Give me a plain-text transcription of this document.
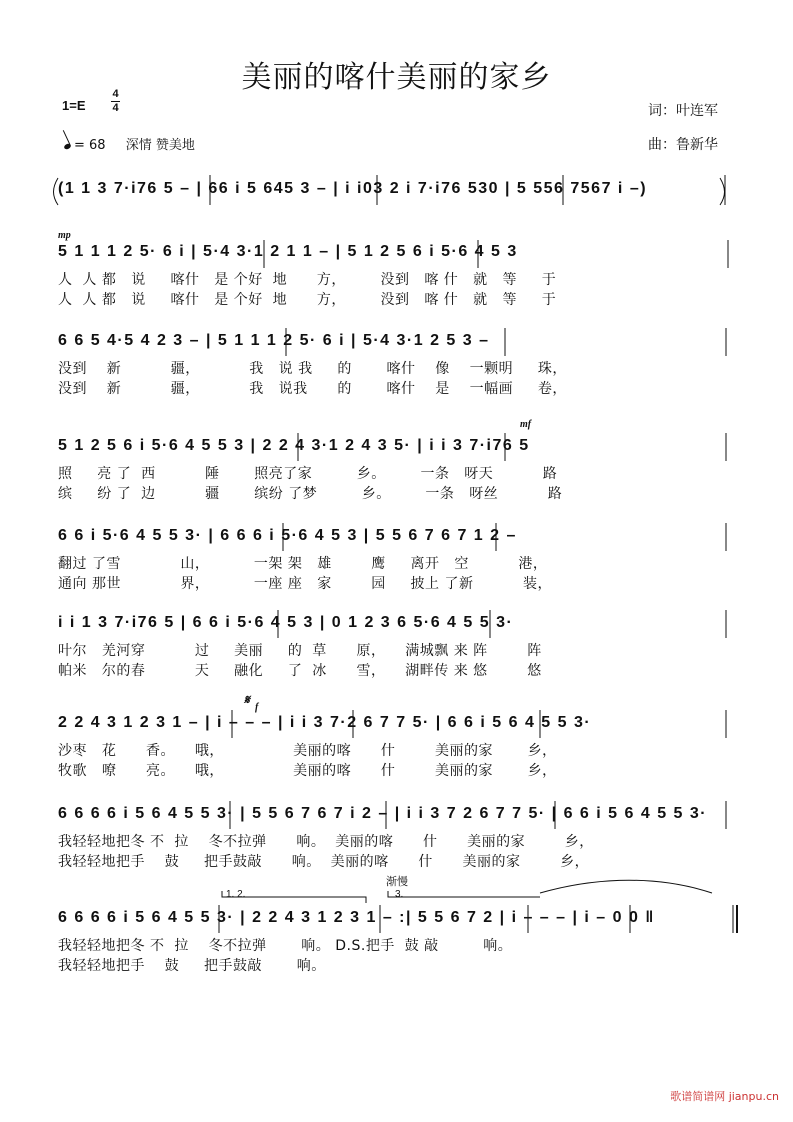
美丽的喀什美丽的家乡
1=E
4
4
= 68 深情 赞美地
词：叶连军
曲：鲁新华
(1 1 3 7·i76 5 – | 66 i 5 645 3 – | i i03 2 i 7·i76 530 | 5 556 7567 i –)
mp
5 1 1 1 2 5· 6 i | 5·4 3·1 2 1 1 – | 5 1 2 5 6 i 5·6 4 5 3
人  人 都   说     喀什   是 个好  地      方，       没到   喀 什   就   等     于
人  人 都   说     喀什   是 个好  地      方，       没到   喀 什   就   等     于
6 6 5 4·5 4 2 3 – | 5 1 1 1 2 5· 6 i | 5·4 3·1 2 5 3 –
没到    新          疆，          我   说 我     的       喀什    像    一颗明     珠，
没到    新          疆，          我   说我      的       喀什    是    一幅画     卷，
mf
5 1 2 5 6 i 5·6 4 5 5 3 | 2 2 4 3·1 2 4 3 5· | i i 3 7·i76 5
照     亮 了  西          陲       照亮了家         乡。       一条   呀天          路
缤     纷 了  边          疆       缤纷 了梦         乡。       一条   呀丝          路
6 6 i 5·6 4 5 5 3· | 6 6 6 i 5·6 4 5 3 | 5 5 6 7 6 7 1 2 –
翻过 了雪            山，         一架 架   雄        鹰     离开   空          港，
通向 那世            界，         一座 座   家        园     披上 了新          装，
i i 1 3 7·i76 5 | 6 6 i 5·6 4 5 3 | 0 1 2 3 6 5·6 4 5 5 3·
叶尔   羌河穿          过     美丽     的  草      原，    满城飘 来 阵        阵
帕米   尔的春          天     融化     了  冰      雪，    湖畔传 来 悠        悠
𝄋
f
2 2 4 3 1 2 3 1 – | i – – – | i i 3 7·2 6 7 7 5· | 6 6 i 5 6 4 5 5 3·
沙枣   花      香。    哦，              美丽的喀      什        美丽的家       乡，
牧歌   嘹      亮。    哦，              美丽的喀      什        美丽的家       乡，
6 6 6 6 i 5 6 4 5 5 3· | 5 5 6 7 6 7 i 2 – | i i 3 7 2 6 7 7 5· | 6 6 i 5 6 4 5 5 3·
我轻轻地把冬 不  拉    冬不拉弹      响。  美丽的喀      什      美丽的家        乡，
我轻轻地把手    鼓     把手鼓敲      响。  美丽的喀      什      美丽的家        乡，
渐慢
1. 2.	3.
6 6 6 6 i 5 6 4 5 5 3· | 2 2 4 3 1 2 3 1 – :| 5 5 6 7 2 | i – – – | i – 0 0 ‖
我轻轻地把冬 不  拉    冬不拉弹       响。 D.S.把手  鼓 敲         响。
我轻轻地把手    鼓     把手鼓敲       响。
歌谱简谱网 jianpu.cn
